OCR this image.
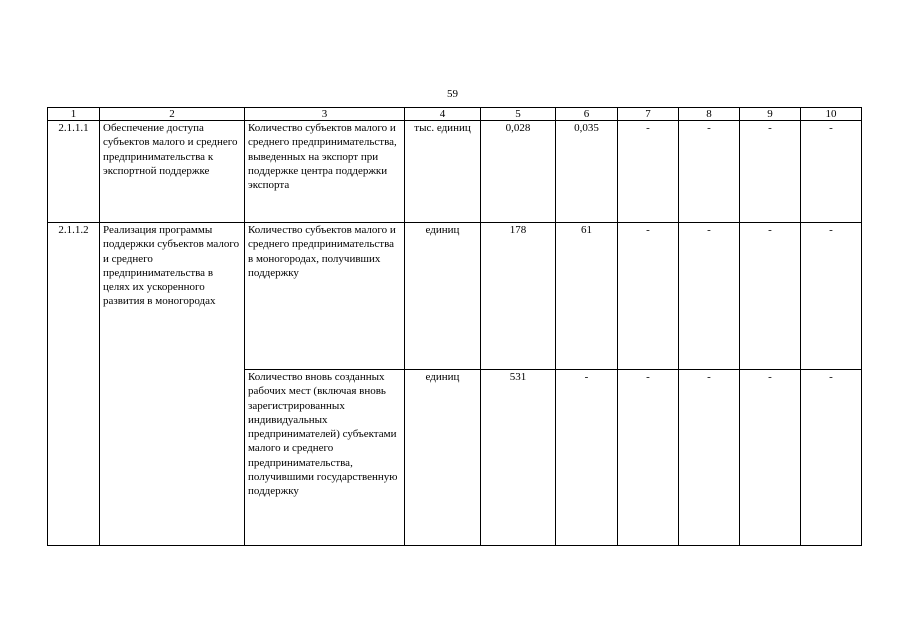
59
1	2	3	4	5	6	7	8	9	10
2.1.1.1	Обеспечение доступа субъектов малого и среднего предпринимательства к экспортной поддержке	Количество субъектов малого и среднего предпринимательства, выведенных на экспорт при поддержке центра поддержки экспорта	тыс. единиц	0,028	0,035	-	-	-	-
2.1.1.2	Реализация программы поддержки субъектов малого и среднего предпринимательства в целях их ускоренного развития в моногородах	Количество субъектов малого и среднего предпринимательства в моногородах, получивших поддержку	единиц	178	61	-	-	-	-
		Количество вновь созданных рабочих мест (включая вновь зарегистрированных индивидуальных предпринимателей) субъектами малого и среднего предпринимательства, получившими государственную поддержку	единиц	531	-	-	-	-	-
